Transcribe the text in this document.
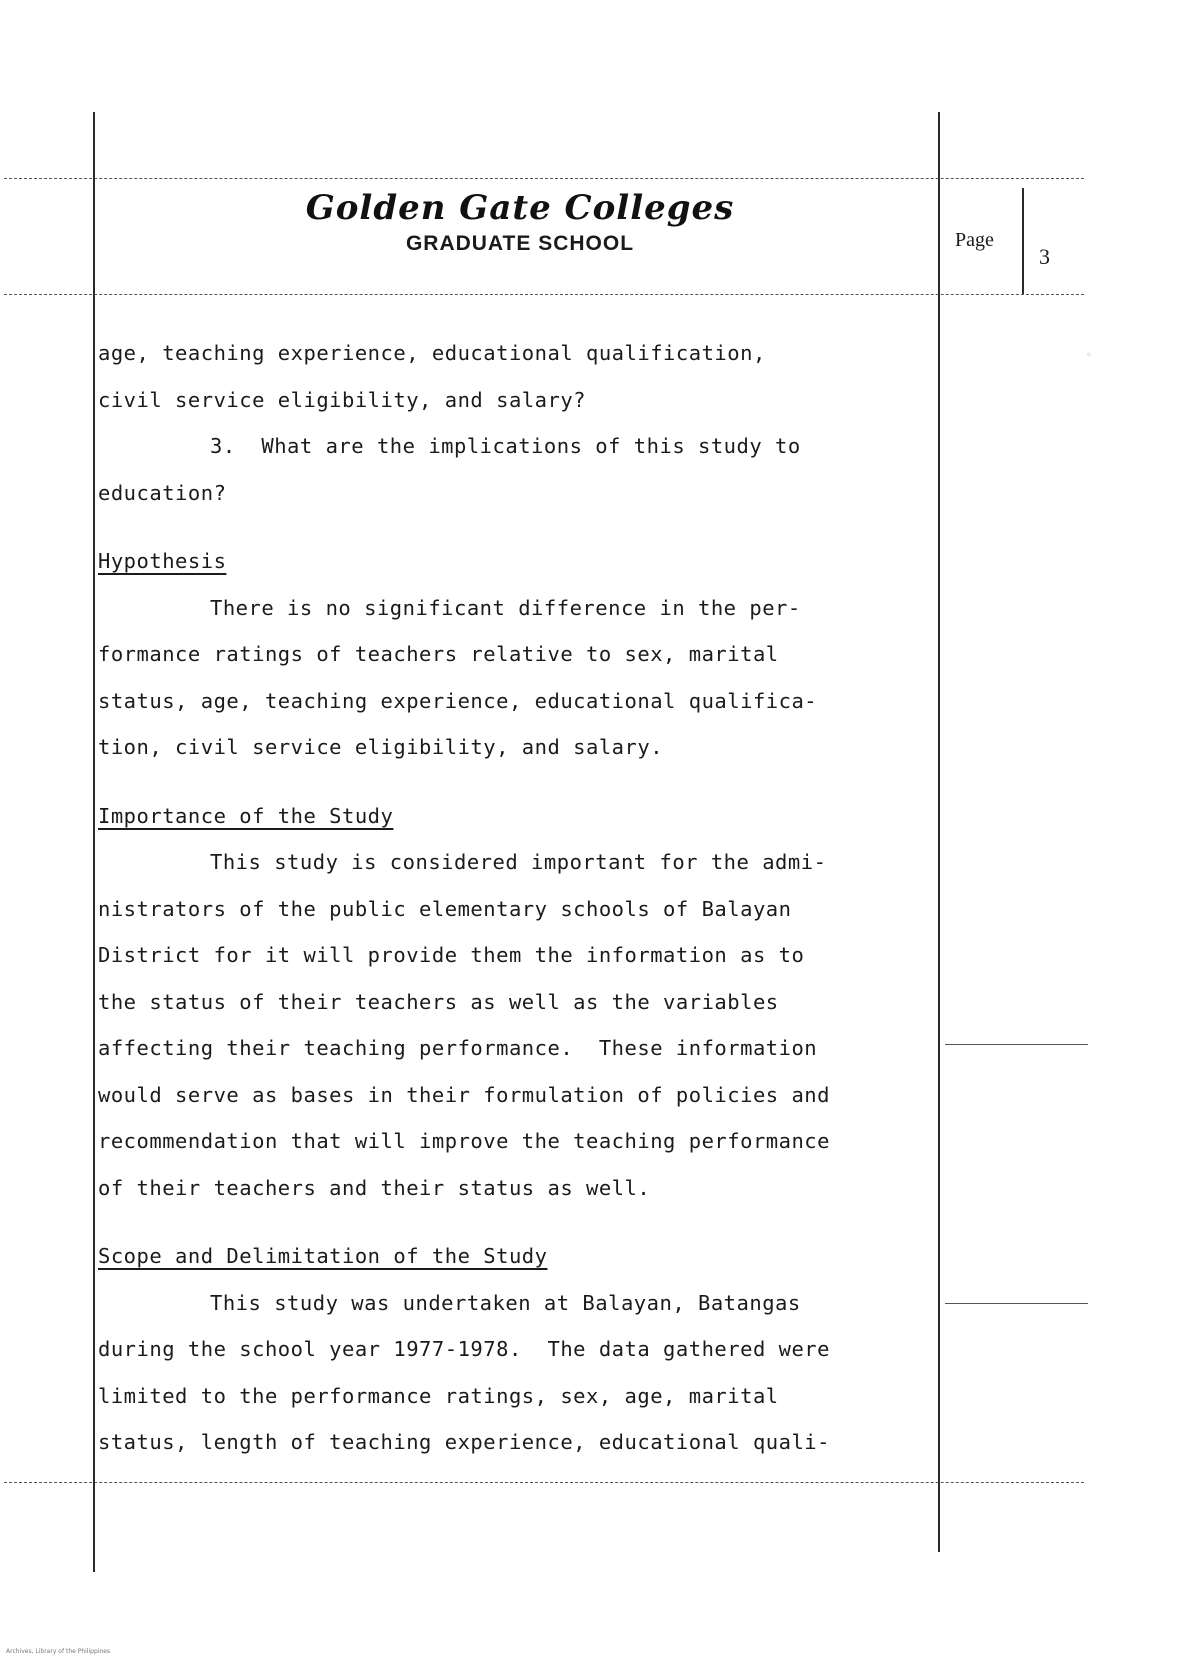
Golden Gate Colleges
GRADUATE SCHOOL	Page
3
age, teaching experience, educational qualification,
civil service eligibility, and salary?
3.  What are the implications of this study to
education?
Hypothesis
There is no significant difference in the per-
formance ratings of teachers relative to sex, marital
status, age, teaching experience, educational qualifica-
tion, civil service eligibility, and salary.
Importance of the Study
This study is considered important for the admi-
nistrators of the public elementary schools of Balayan
District for it will provide them the information as to
the status of their teachers as well as the variables
affecting their teaching performance.  These information
would serve as bases in their formulation of policies and
recommendation that will improve the teaching performance
of their teachers and their status as well.
Scope and Delimitation of the Study
This study was undertaken at Balayan, Batangas
during the school year 1977-1978.  The data gathered were
limited to the performance ratings, sex, age, marital
status, length of teaching experience, educational quali-
◦
Archives, Library of the Philippines
